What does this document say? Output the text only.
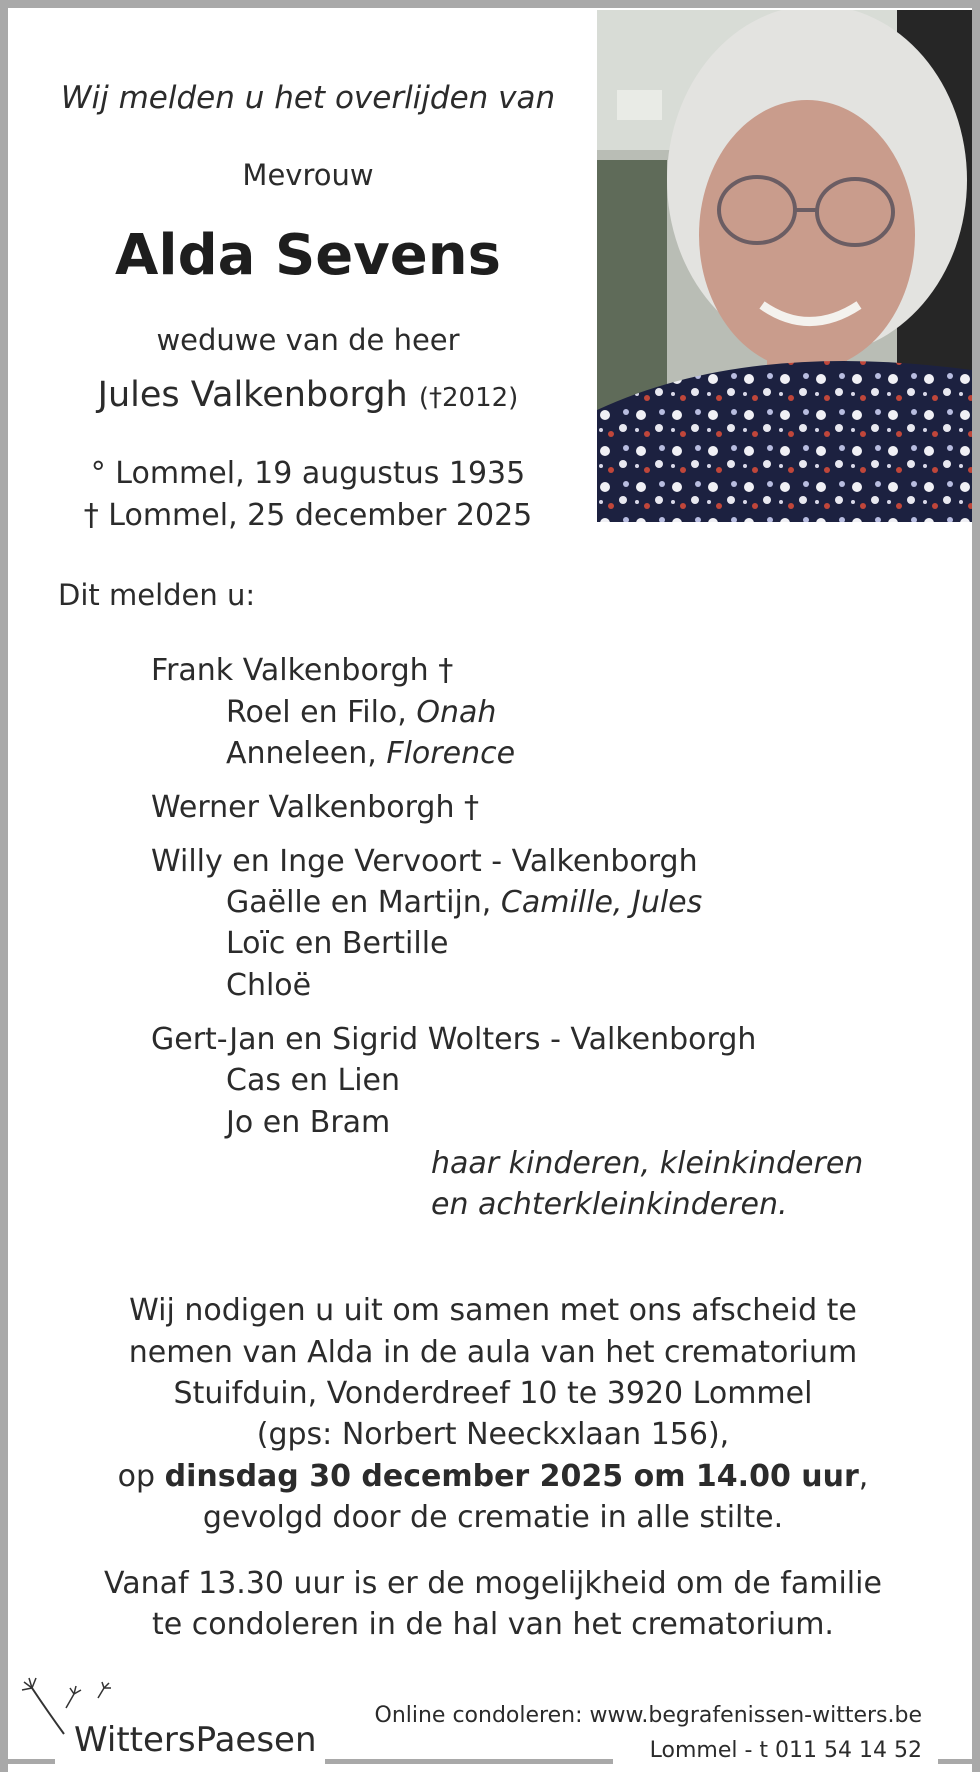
Wij melden u het overlijden van
Mevrouw
Alda Sevens
weduwe van de heer
Jules Valkenborgh (†2012)
° Lommel, 19 augustus 1935
† Lommel, 25 december 2025
Dit melden u:
Frank Valkenborgh †
Roel en Filo, Onah
Anneleen, Florence
Werner Valkenborgh †
Willy en Inge Vervoort - Valkenborgh
Gaëlle en Martijn, Camille, Jules
Loïc en Bertille
Chloë
Gert-Jan en Sigrid Wolters - Valkenborgh
Cas en Lien
Jo en Bram
haar kinderen, kleinkinderen
en achterkleinkinderen.
Wij nodigen u uit om samen met ons afscheid te
nemen van Alda in de aula van het crematorium
Stuifduin, Vonderdreef 10 te 3920 Lommel
(gps: Norbert Neeckxlaan 156),
op dinsdag 30 december 2025 om 14.00 uur,
gevolgd door de crematie in alle stilte.
Vanaf 13.30 uur is er de mogelijkheid om de familie
te condoleren in de hal van het crematorium.
WittersPaesen
Online condoleren: www.begrafenissen-witters.be
Lommel - t 011 54 14 52
